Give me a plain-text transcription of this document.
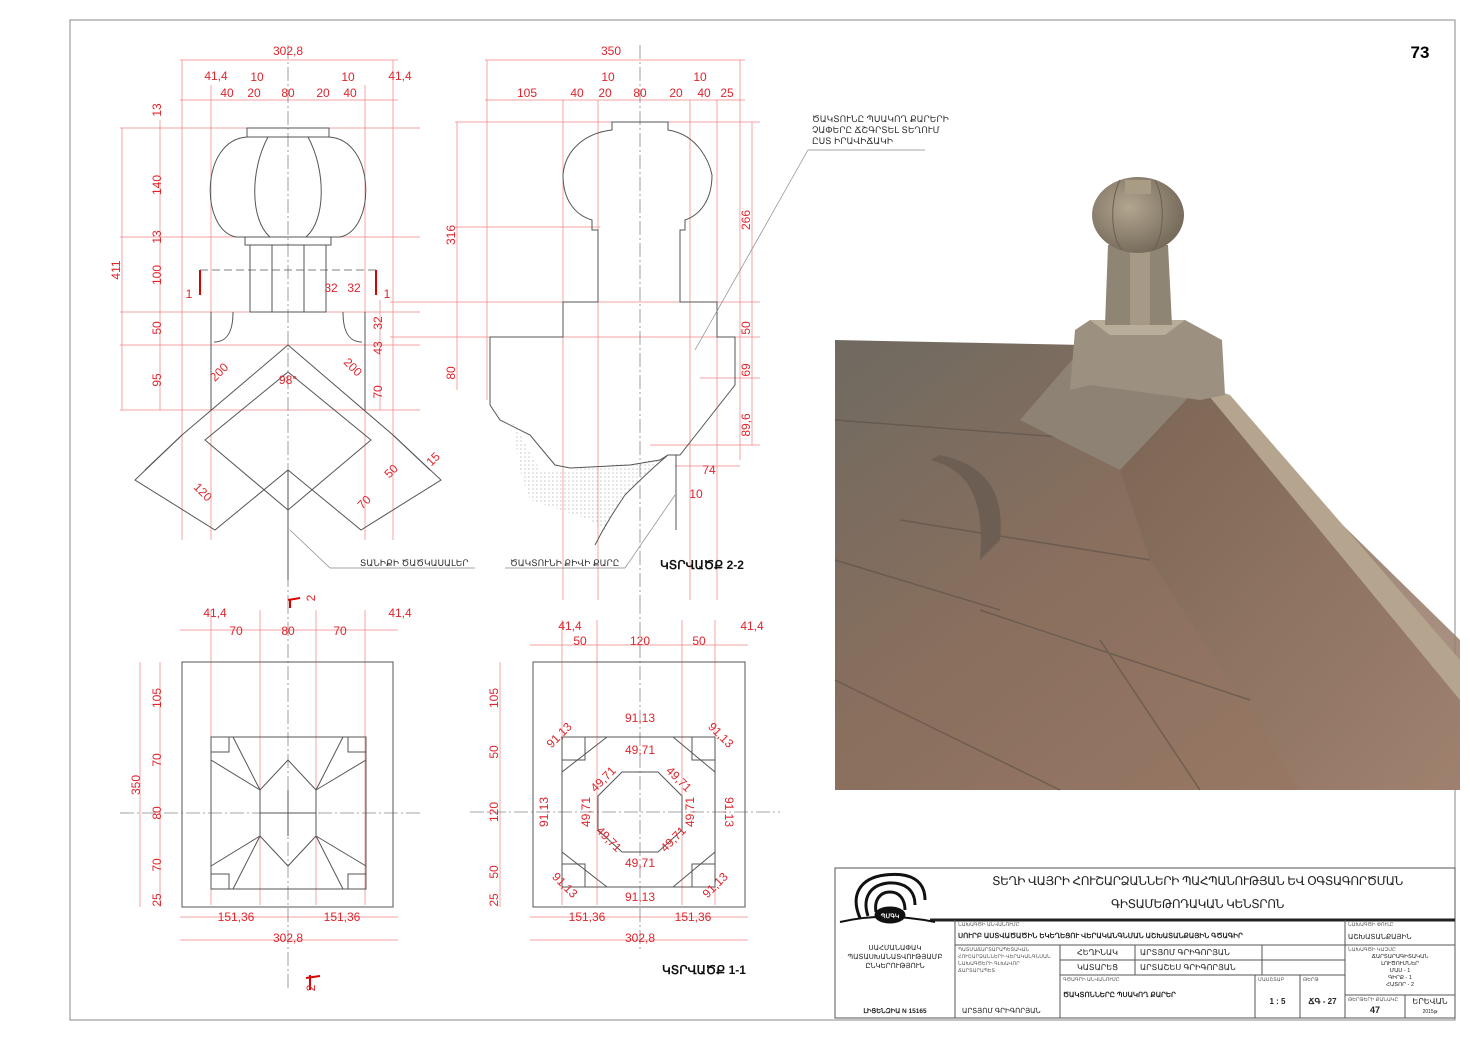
73
302,8
41,4
40
10
20 80 20
10
40
41,4
13
140
13
100
50
95
411
32 32
32
43
70
200	98°
200
120	70
50
15
1	1
2
ՏԱՆԻՔԻ ԾԱԾԿԱՍԱԼԵՐ
350
105	40
10
20 80 20
10
40 25
316
80
266
50
69
89,6
74
10
ԾԱԿՏՈՒՆԻ ՔԻՎԻ ՔԱՐԸ	ԿՏՐՎԱԾՔ 2-2
ԾԱԿՏՈՒՆԸ ՊՍԱԿՈՂ ՔԱՐԵՐԻ
ՉԱՓԵՐԸ ՃՇԳՐՏԵԼ ՏԵՂՈՒՄ
ԸՍՏ ԻՐԱՎԻՃԱԿԻ
41,4
70	80	70
41,4
105
70
80
70
25
350
151,36	151,36
302,8
2
41,4
50	120	50
41,4
105
50
120
50
25
91,13
91,13
91,13
91,13
91,13
91,13
91,13
91,13	49,71
49,71
49,71
49,71
49,71
49,71
49,71
49,71
151,36	151,36
302,8
ԿՏՐՎԱԾՔ 1-1
ՊՄԳԿ
ՏԵՂԻ ՎԱՅՐԻ ՀՈՒՇԱՐՁԱՆՆԵՐԻ ՊԱՀՊԱՆՈՒԹՅԱՆ ԵՎ ՕԳՏԱԳՈՐԾՄԱՆ
ԳԻՏԱՄԵԹՈԴԱԿԱՆ ԿԵՆՏՐՈՆ
ՍԱՀՄԱՆԱՓԱԿ
ՊԱՏԱՍԽԱՆԱՏՎՈՒԹՅԱՄԲ
ԸՆԿԵՐՈՒԹՅՈՒՆ
ԼԻՑԵՆԶԻԱ N 15165
ՆԱԽԱԳԾԻ ԱՆՎԱՆՈՒՄԸ
ՍՈՒՐԲ ԱՍՏՎԱԾԱԾԻՆ ԵԿԵՂԵՑՈՒ ՎԵՐԱԿԱՆԳՆՄԱՆ ԱՇԽԱՏԱՆՔԱՅԻՆ ԳԾԱԳԻՐ
ՊԱՏՄԱՃԱՐՏԱՐԱՊԵՏԱԿԱՆ
ՀՈՒՇԱՐՁԱՆՆԵՐԻ ՎԵՐԱԿԱՆԳՆՄԱՆ
ՆԱԽԱԳԾԵՐԻ ԳԼԽԱՎՈՐ
ՃԱՐՏԱՐԱՊԵՏ
ԱՐՏՅՈՄ ԳՐԻԳՈՐՅԱՆ
ՀԵՂԻՆԱԿ	ԱՐՏՅՈՄ ԳՐԻԳՈՐՅԱՆ
ԿԱՏԱՐԵՑ	ԱՐՏԱՇԵՍ ԳՐԻԳՈՐՅԱՆ
ԳԾԱԳՐԻ ԱՆՎԱՆՈՒՄԸ
ԾԱԿՏՈՆՆԵՐԸ ՊՍԱԿՈՂ ՔԱՐԵՐ
ՄԱՍՇՏԱԲ
1 : 5
ԹԵՐԹ
ՃԳ - 27
ՆԱԽԱԳԾԻ ՓՈՒԼԸ
ԱՇԽԱՏԱՆՔԱՅԻՆ
ՆԱԽԱԳԾԻ ԿԱԶՄԸ
ՃԱՐՏԱՐԱԳԻՏԱԿԱՆ
ԼՈՒԾՈՒՄՆԵՐ
ՄԱՍ - 1
ԳԻՐՔ - 1
ՀԱՏՈՐ - 2
ԹԵՐԹԵՐԻ ՔԱՆԱԿԸ
47
ԵՐԵՎԱՆ
2015թ
